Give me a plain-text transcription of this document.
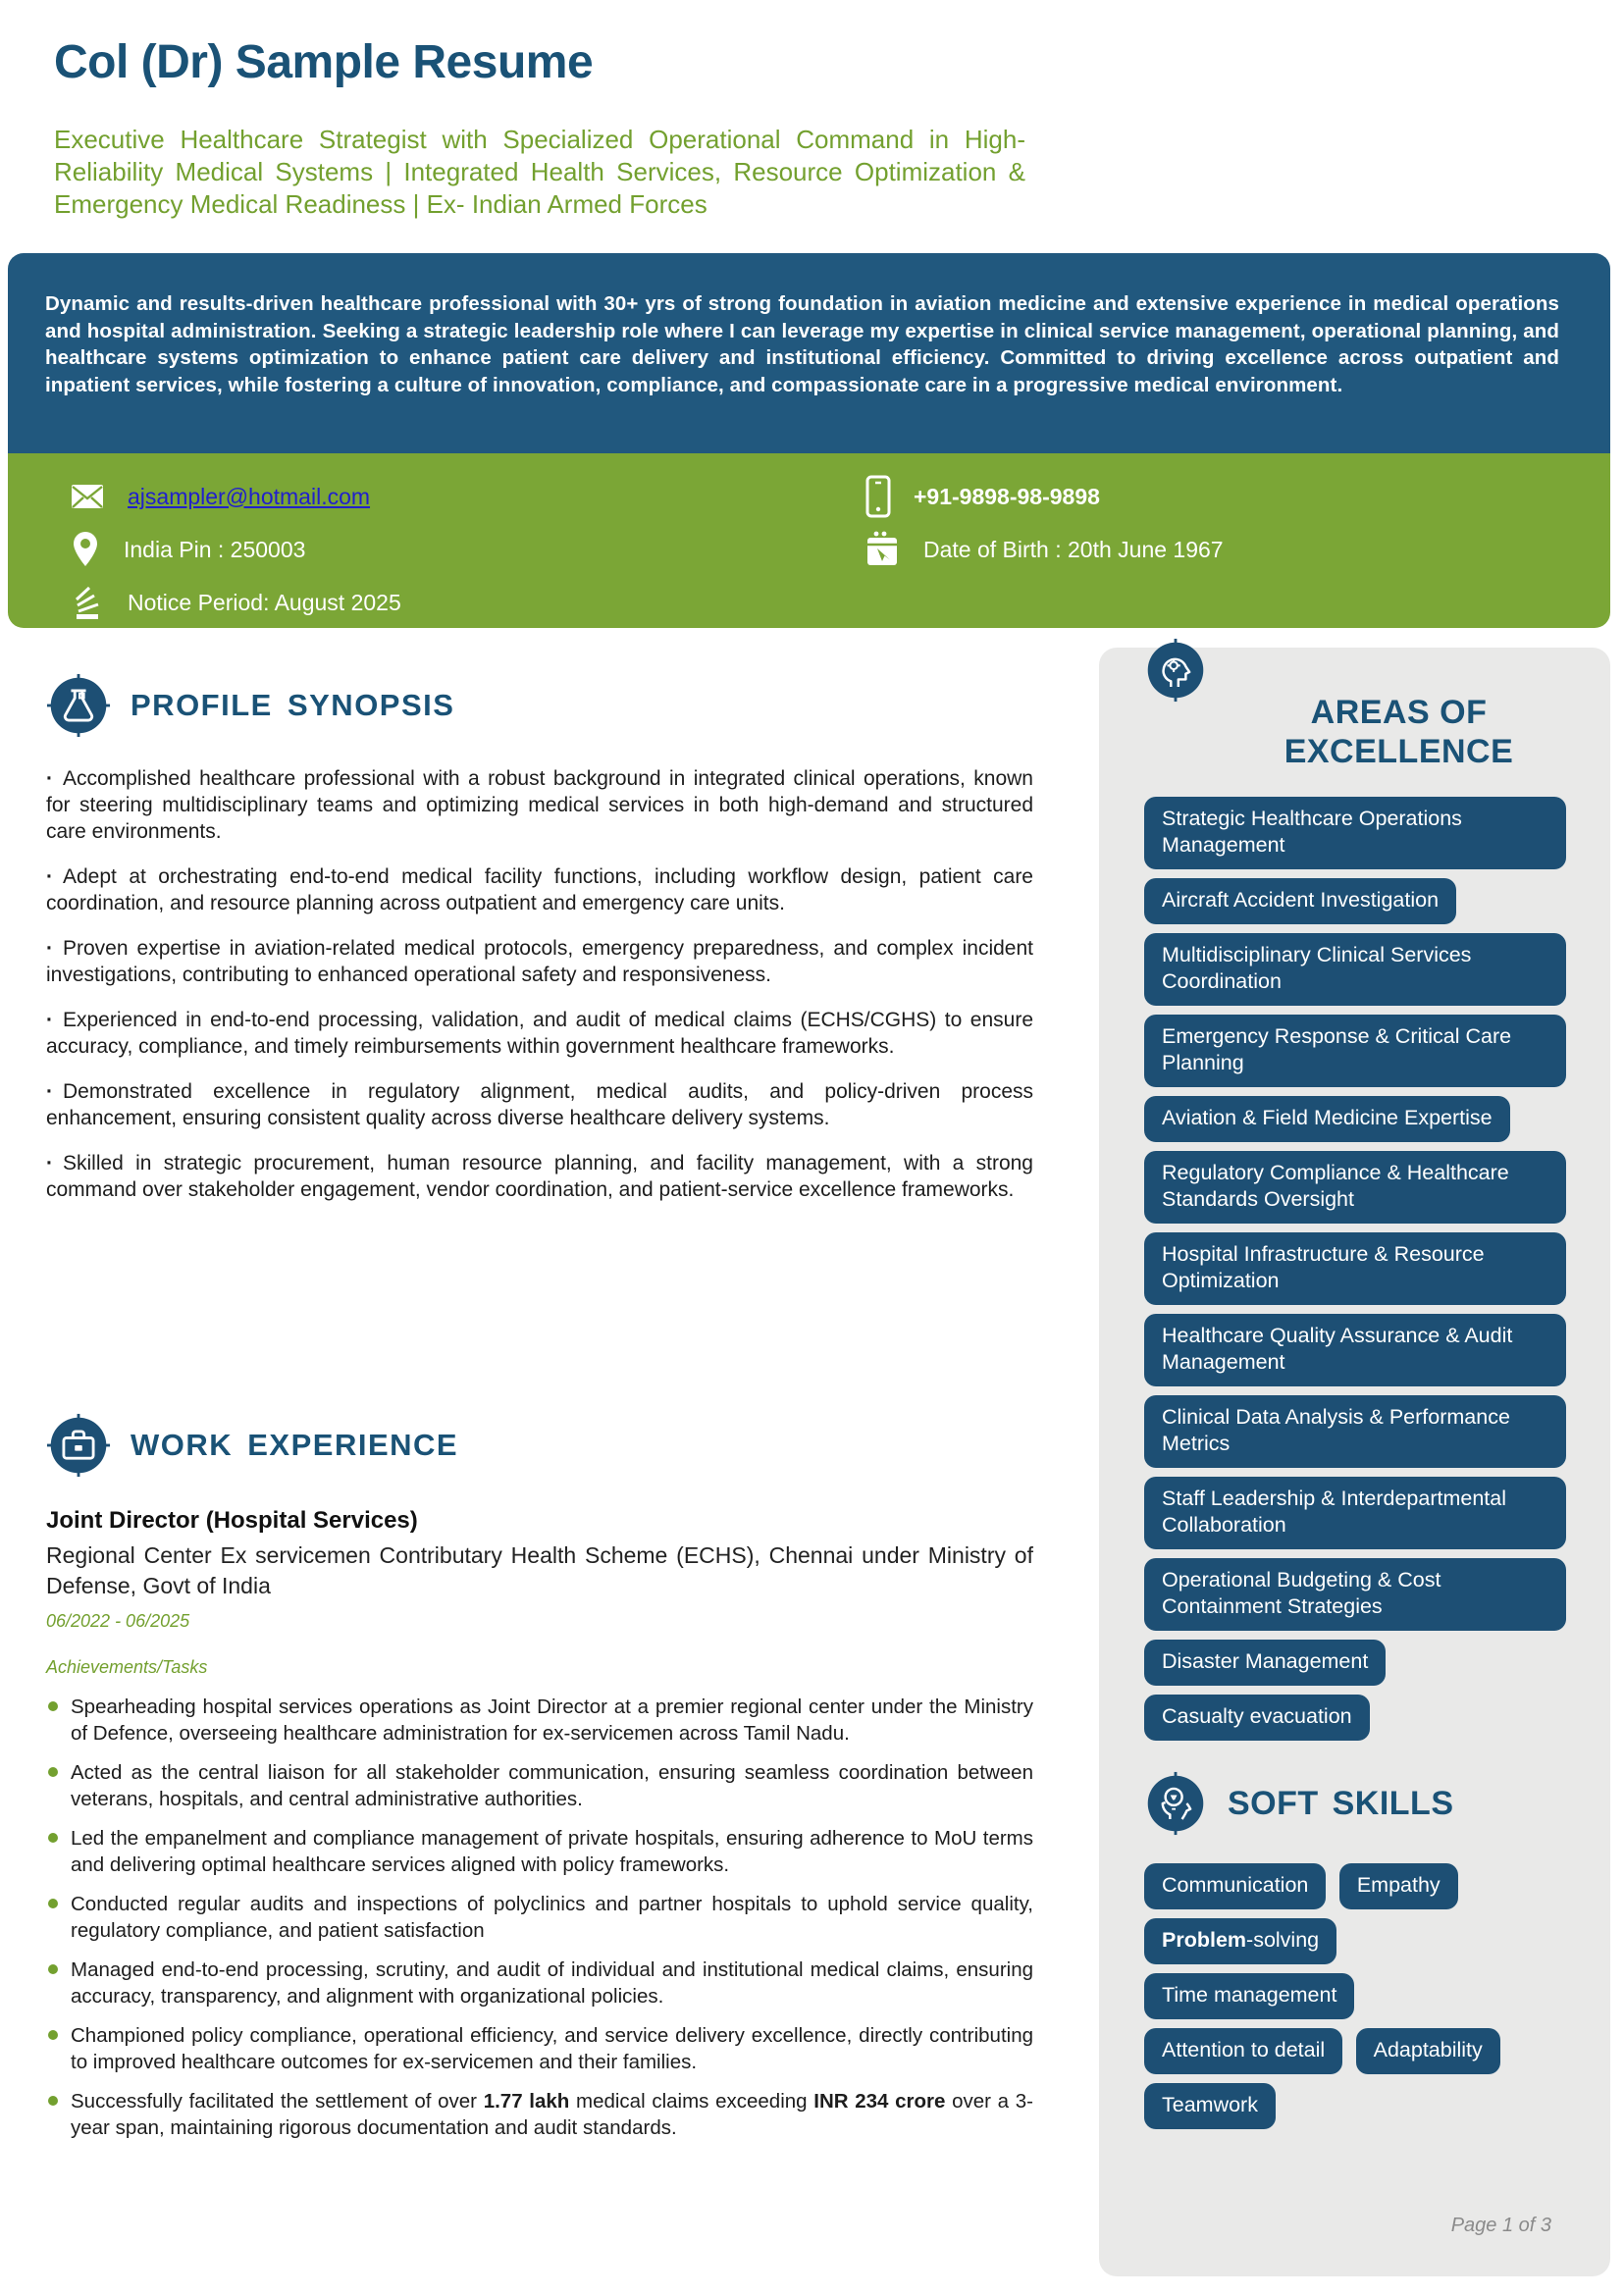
Col (Dr) Sample Resume

Executive Healthcare Strategist with Specialized Operational Command in High-Reliability Medical Systems | Integrated Health Services, Resource Optimization & Emergency Medical Readiness | Ex- Indian Armed Forces

Dynamic and results-driven healthcare professional with 30+ yrs of strong foundation in aviation medicine and extensive experience in medical operations and hospital administration. Seeking a strategic leadership role where I can leverage my expertise in clinical service management, operational planning, and healthcare systems optimization to enhance patient care delivery and institutional efficiency. Committed to driving excellence across outpatient and inpatient services, while fostering a culture of innovation, compliance, and compassionate care in a progressive medical environment.

ajsampler@hotmail.com
India Pin : 250003
Notice Period: August 2025
+91-9898-98-9898
Date of Birth : 20th June 1967
PROFILE SYNOPSIS

· Accomplished healthcare professional with a robust background in integrated clinical operations, known for steering multidisciplinary teams and optimizing medical services in both high-demand and structured care environments.

· Adept at orchestrating end-to-end medical facility functions, including workflow design, patient care coordination, and resource planning across outpatient and emergency care units.

· Proven expertise in aviation-related medical protocols, emergency preparedness, and complex incident investigations, contributing to enhanced operational safety and responsiveness.

· Experienced in end-to-end processing, validation, and audit of medical claims (ECHS/CGHS) to ensure accuracy, compliance, and timely reimbursements within government healthcare frameworks.

· Demonstrated excellence in regulatory alignment, medical audits, and policy-driven process enhancement, ensuring consistent quality across diverse healthcare delivery systems.

· Skilled in strategic procurement, human resource planning, and facility management, with a strong command over stakeholder engagement, vendor coordination, and patient-service excellence frameworks.

WORK EXPERIENCE
Joint Director (Hospital Services)

Regional Center Ex servicemen Contributary Health Scheme (ECHS), Chennai under Ministry of Defense, Govt of India

06/2022 - 06/2025

Achievements/Tasks

Spearheading hospital services operations as Joint Director at a premier regional center under the Ministry of Defence, overseeing healthcare administration for ex-servicemen across Tamil Nadu.
Acted as the central liaison for all stakeholder communication, ensuring seamless coordination between veterans, hospitals, and central administrative authorities.
Led the empanelment and compliance management of private hospitals, ensuring adherence to MoU terms and delivering optimal healthcare services aligned with policy frameworks.
Conducted regular audits and inspections of polyclinics and partner hospitals to uphold service quality, regulatory compliance, and patient satisfaction
Managed end-to-end processing, scrutiny, and audit of individual and institutional medical claims, ensuring accuracy, transparency, and alignment with organizational policies.
Championed policy compliance, operational efficiency, and service delivery excellence, directly contributing to improved healthcare outcomes for ex-servicemen and their families.
Successfully facilitated the settlement of over 1.77 lakh medical claims exceeding INR 234 crore over a 3-year span, maintaining rigorous documentation and audit standards.
AREAS OF EXCELLENCE
Strategic Healthcare Operations Management Aircraft Accident Investigation Multidisciplinary Clinical Services Coordination Emergency Response & Critical Care Planning Aviation & Field Medicine Expertise Regulatory Compliance & Healthcare Standards Oversight Hospital Infrastructure & Resource Optimization Healthcare Quality Assurance & Audit Management Clinical Data Analysis & Performance Metrics Staff Leadership & Interdepartmental Collaboration Operational Budgeting & Cost Containment Strategies Disaster Management Casualty evacuation
SOFT SKILLS
Communication Empathy
Problem-solving
Time management
Attention to detail Adaptability
Teamwork
Page 1 of 3
